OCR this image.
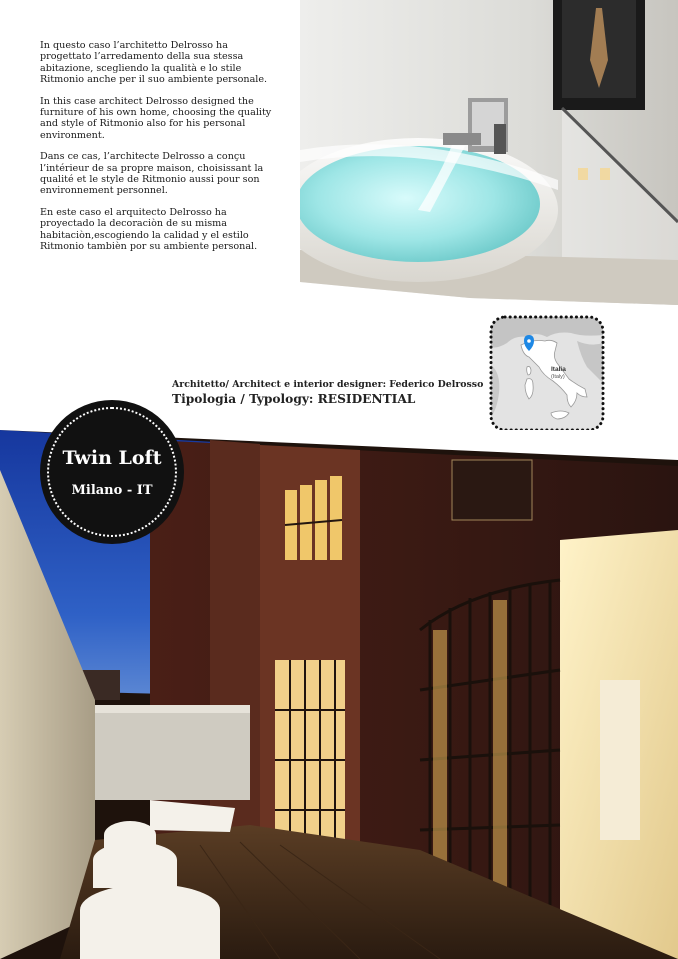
In questo caso l’architetto Delrosso ha progettato l’arredamento della sua stessa abitazione, scegliendo la qualità e lo stile Ritmonio anche per il suo ambiente personale.

In this case architect Delrosso designed the furniture of his own home, choosing the quality and style of Ritmonio also for his personal environment.

Dans ce cas, l’architecte Delrosso a conçu l’intérieur de sa propre maison, choisissant la qualité et le style de Ritmonio aussi pour son environnement personnel.

En este caso el arquitecto Delrosso ha proyectado la decoraciòn de su misma habitaciòn,escogiendo la calidad y el estilo Ritmonio tambièn por su ambiente personal.

Architetto/ Architect e interior designer: Federico Delrosso
Tipologia / Typology: RESIDENTIAL
Italia
(Italy)
Twin Loft
Milano - IT
